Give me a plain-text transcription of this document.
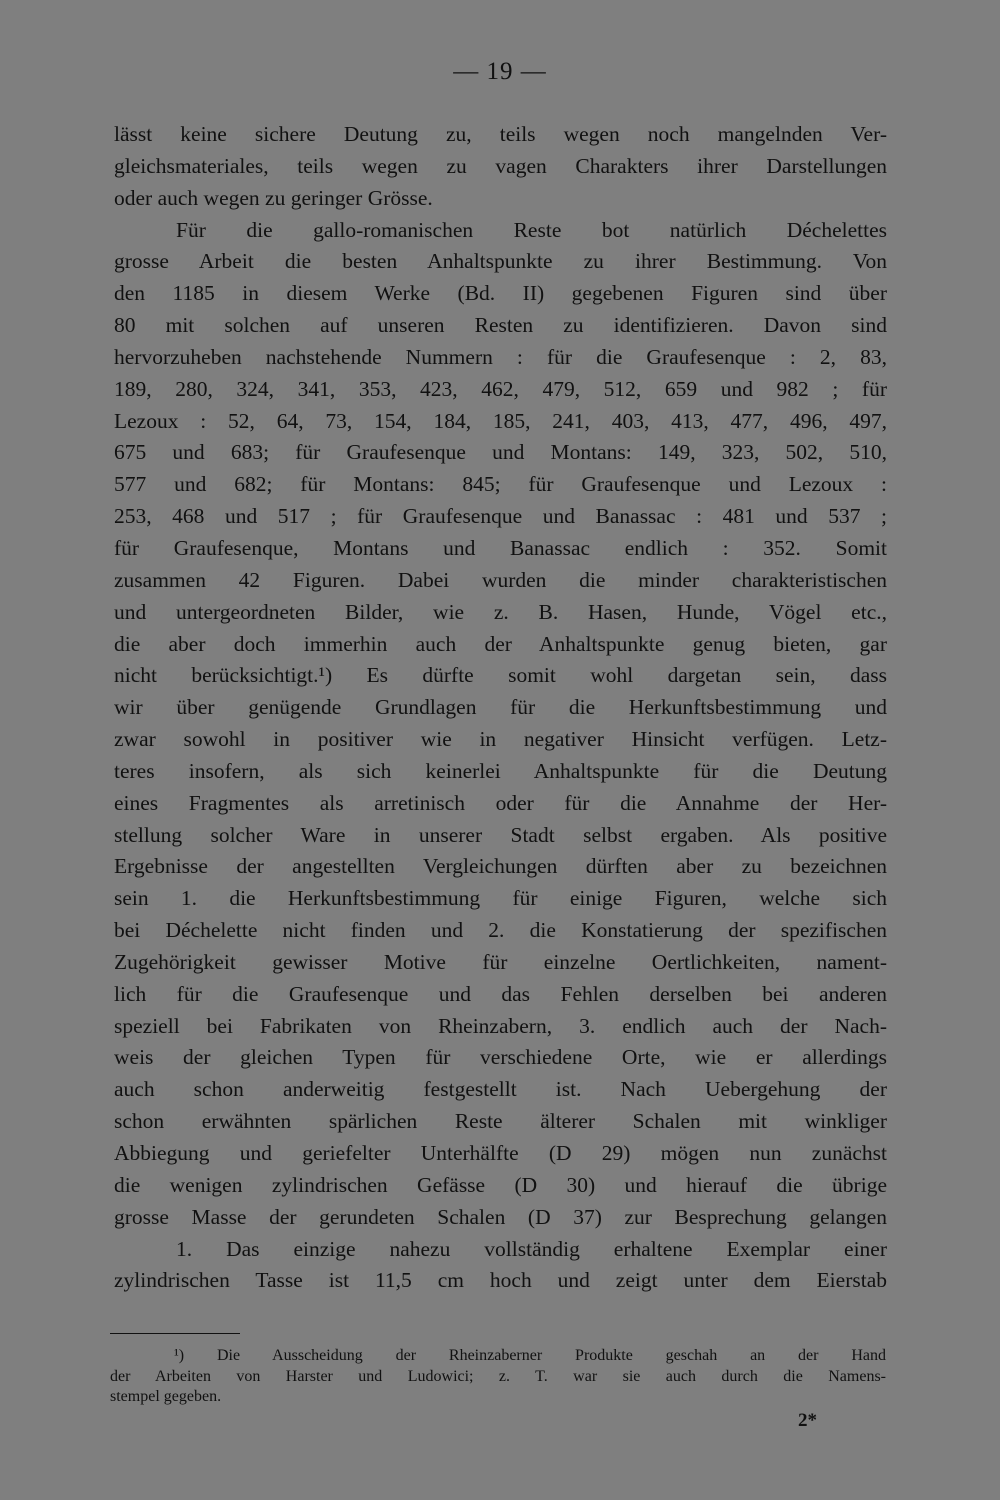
— 19 —
lässt keine sichere Deutung zu, teils wegen noch mangelnden Ver-
gleichsmateriales, teils wegen zu vagen Charakters ihrer Darstellungen
oder auch wegen zu geringer Grösse.
Für die gallo-romanischen Reste bot natürlich Déchelettes
grosse Arbeit die besten Anhaltspunkte zu ihrer Bestimmung. Von
den 1185 in diesem Werke (Bd. II) gegebenen Figuren sind über
80 mit solchen auf unseren Resten zu identifizieren. Davon sind
hervorzuheben nachstehende Nummern : für die Graufesenque : 2, 83,
189, 280, 324, 341, 353, 423, 462, 479, 512, 659 und 982 ; für
Lezoux : 52, 64, 73, 154, 184, 185, 241, 403, 413, 477, 496, 497,
675 und 683; für Graufesenque und Montans: 149, 323, 502, 510,
577 und 682; für Montans: 845; für Graufesenque und Lezoux :
253, 468 und 517 ; für Graufesenque und Banassac : 481 und 537 ;
für Graufesenque, Montans und Banassac endlich : 352. Somit
zusammen 42 Figuren. Dabei wurden die minder charakteristischen
und untergeordneten Bilder, wie z. B. Hasen, Hunde, Vögel etc.,
die aber doch immerhin auch der Anhaltspunkte genug bieten, gar
nicht berücksichtigt.¹) Es dürfte somit wohl dargetan sein, dass
wir über genügende Grundlagen für die Herkunftsbestimmung und
zwar sowohl in positiver wie in negativer Hinsicht verfügen. Letz-
teres insofern, als sich keinerlei Anhaltspunkte für die Deutung
eines Fragmentes als arretinisch oder für die Annahme der Her-
stellung solcher Ware in unserer Stadt selbst ergaben. Als positive
Ergebnisse der angestellten Vergleichungen dürften aber zu bezeichnen
sein 1. die Herkunftsbestimmung für einige Figuren, welche sich
bei Déchelette nicht finden und 2. die Konstatierung der spezifischen
Zugehörigkeit gewisser Motive für einzelne Oertlichkeiten, nament-
lich für die Graufesenque und das Fehlen derselben bei anderen
speziell bei Fabrikaten von Rheinzabern, 3. endlich auch der Nach-
weis der gleichen Typen für verschiedene Orte, wie er allerdings
auch schon anderweitig festgestellt ist. Nach Uebergehung der
schon erwähnten spärlichen Reste älterer Schalen mit winkliger
Abbiegung und geriefelter Unterhälfte (D 29) mögen nun zunächst
die wenigen zylindrischen Gefässe (D 30) und hierauf die übrige
grosse Masse der gerundeten Schalen (D 37) zur Besprechung gelangen
1. Das einzige nahezu vollständig erhaltene Exemplar einer
zylindrischen Tasse ist 11,5 cm hoch und zeigt unter dem Eierstab
¹) Die Ausscheidung der Rheinzaberner Produkte geschah an der Hand
der Arbeiten von Harster und Ludowici; z. T. war sie auch durch die Namens-
stempel gegeben.
2*
